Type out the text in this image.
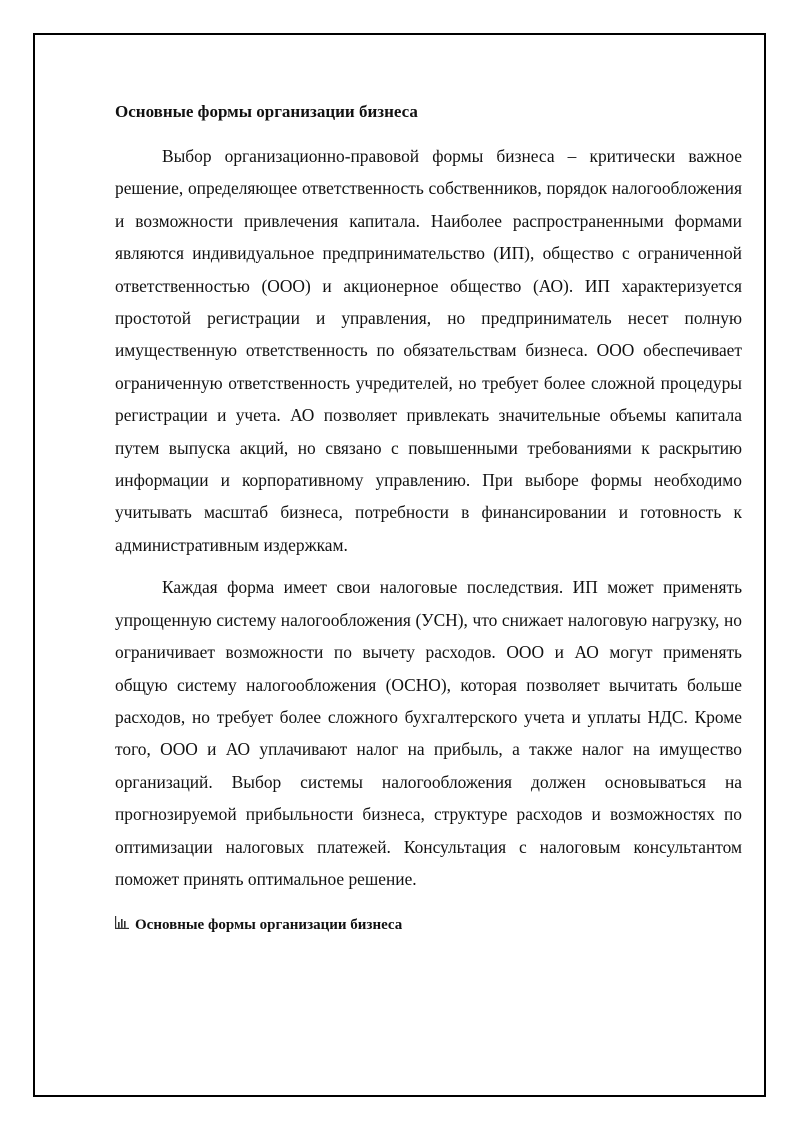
Основные формы организации бизнеса

Выбор организационно-правовой формы бизнеса – критически важное решение, определяющее ответственность собственников, порядок налогообложения и возможности привлечения капитала. Наиболее распространенными формами являются индивидуальное предпринимательство (ИП), общество с ограниченной ответственностью (ООО) и акционерное общество (АО). ИП характеризуется простотой регистрации и управления, но предприниматель несет полную имущественную ответственность по обязательствам бизнеса. ООО обеспечивает ограниченную ответственность учредителей, но требует более сложной процедуры регистрации и учета. АО позволяет привлекать значительные объемы капитала путем выпуска акций, но связано с повышенными требованиями к раскрытию информации и корпоративному управлению. При выборе формы необходимо учитывать масштаб бизнеса, потребности в финансировании и готовность к административным издержкам.

Каждая форма имеет свои налоговые последствия. ИП может применять упрощенную систему налогообложения (УСН), что снижает налоговую нагрузку, но ограничивает возможности по вычету расходов. ООО и АО могут применять общую систему налогообложения (ОСНО), которая позволяет вычитать больше расходов, но требует более сложного бухгалтерского учета и уплаты НДС. Кроме того, ООО и АО уплачивают налог на прибыль, а также налог на имущество организаций. Выбор системы налогообложения должен основываться на прогнозируемой прибыльности бизнеса, структуре расходов и возможностях по оптимизации налоговых платежей. Консультация с налоговым консультантом поможет принять оптимальное решение.

Основные формы организации бизнеса
